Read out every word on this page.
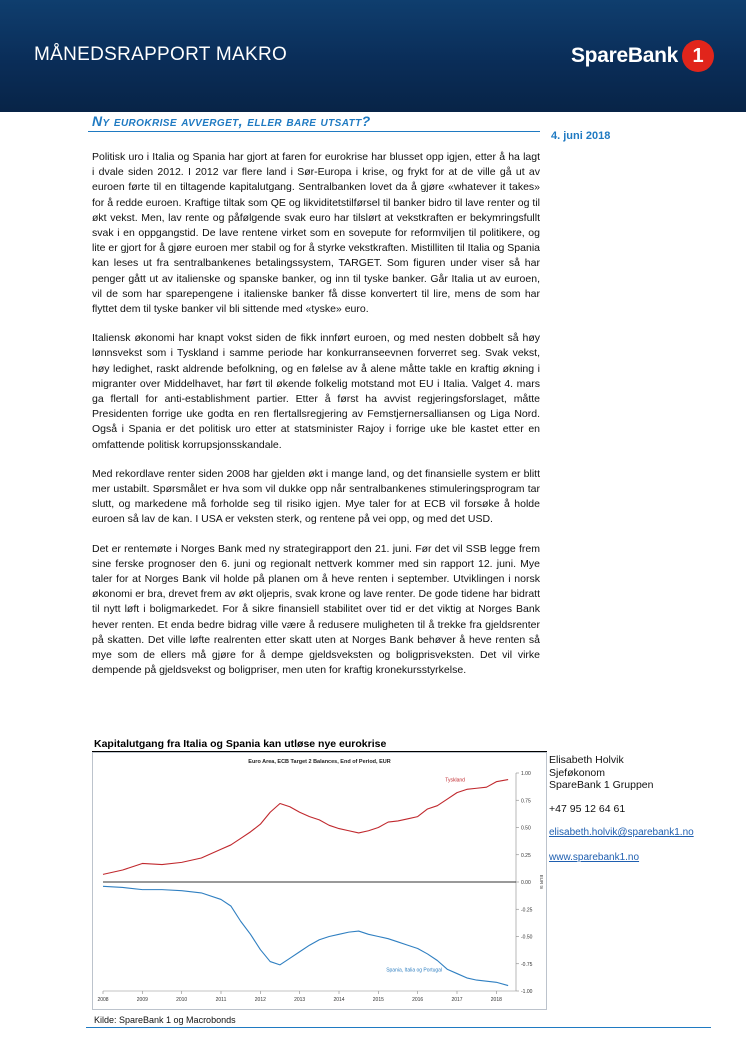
MÅNEDSRAPPORT MAKRO	SpareBank 1
Ny eurokrise avverget, eller bare utsatt?
4. juni 2018

Politisk uro i Italia og Spania har gjort at faren for eurokrise har blusset opp igjen, etter å ha lagt i dvale siden 2012. I 2012 var flere land i Sør-Europa i krise, og frykt for at de ville gå ut av euroen førte til en tiltagende kapitalutgang. Sentralbanken lovet da å gjøre «whatever it takes» for å redde euroen. Kraftige tiltak som QE og likviditetstilførsel til banker bidro til lave renter og til økt vekst. Men, lav rente og påfølgende svak euro har tilslørt at vekstkraften er bekymringsfullt svak i en oppgangstid. De lave rentene virket som en sovepute for reformviljen til politikere, og lite er gjort for å gjøre euroen mer stabil og for å styrke vekstkraften. Mistilliten til Italia og Spania kan leses ut fra sentralbankenes betalingssystem, TARGET. Som figuren under viser så har penger gått ut av italienske og spanske banker, og inn til tyske banker. Går Italia ut av euroen, vil de som har sparepengene i italienske banker få disse konvertert til lire, mens de som har flyttet dem til tyske banker vil bli sittende med «tyske» euro.

Italiensk økonomi har knapt vokst siden de fikk innført euroen, og med nesten dobbelt så høy lønnsvekst som i Tyskland i samme periode har konkurranseevnen forverret seg. Svak vekst, høy ledighet, raskt aldrende befolkning, og en følelse av å alene måtte takle en kraftig økning i migranter over Middelhavet, har ført til økende folkelig motstand mot EU i Italia. Valget 4. mars ga flertall for anti-establishment partier. Etter å først ha avvist regjeringsforslaget, måtte Presidenten forrige uke godta en ren flertallsregjering av Femstjernersalliansen og Liga Nord. Også i Spania er det politisk uro etter at statsminister Rajoy i forrige uke ble kastet etter en omfattende politisk korrupsjonsskandale.

Med rekordlave renter siden 2008 har gjelden økt i mange land, og det finansielle system er blitt mer ustabilt. Spørsmålet er hva som vil dukke opp når sentralbankenes stimuleringsprogram tar slutt, og markedene må forholde seg til risiko igjen. Mye taler for at ECB vil forsøke å holde euroen så lav de kan. I USA er veksten sterk, og rentene på vei opp, og med det USD.

Det er rentemøte i Norges Bank med ny strategirapport den 21. juni. Før det vil SSB legge frem sine ferske prognoser den 6. juni og regionalt nettverk kommer med sin rapport 12. juni. Mye taler for at Norges Bank vil holde på planen om å heve renten i september. Utviklingen i norsk økonomi er bra, drevet frem av økt oljepris, svak krone og lave renter. De gode tidene har bidratt til nytt løft i boligmarkedet. For å sikre finansiell stabilitet over tid er det viktig at Norges Bank hever renten. Et enda bedre bidrag ville være å redusere muligheten til å trekke fra gjeldsrenter på skatten. Det ville løfte realrenten etter skatt uten at Norges Bank behøver å heve renten så mye som de ellers må gjøre for å dempe gjeldsveksten og boligprisveksten. Det vil virke dempende på gjeldsvekst og boligpriser, men uten for kraftig kronekursstyrkelse.

Kapitalutgang fra Italia og Spania kan utløse nye eurokrise
Euro Area, ECB Target 2 Balances, End of Period, EUR
1.00
0.75
0.50
0.25
0.00
-0.25
-0.50
-0.75
-1.00
EUR tn
2008	2009	2010	2011	2012	2013	2014	2015	2016	2017	2018
Tyskland
Spania, Italia og Portugal
Kilde: SpareBank 1 og Macrobonds
Elisabeth Holvik
Sjeføkonom
SpareBank 1 Gruppen
+47 95 12 64 61
elisabeth.holvik@sparebank1.no
www.sparebank1.no
